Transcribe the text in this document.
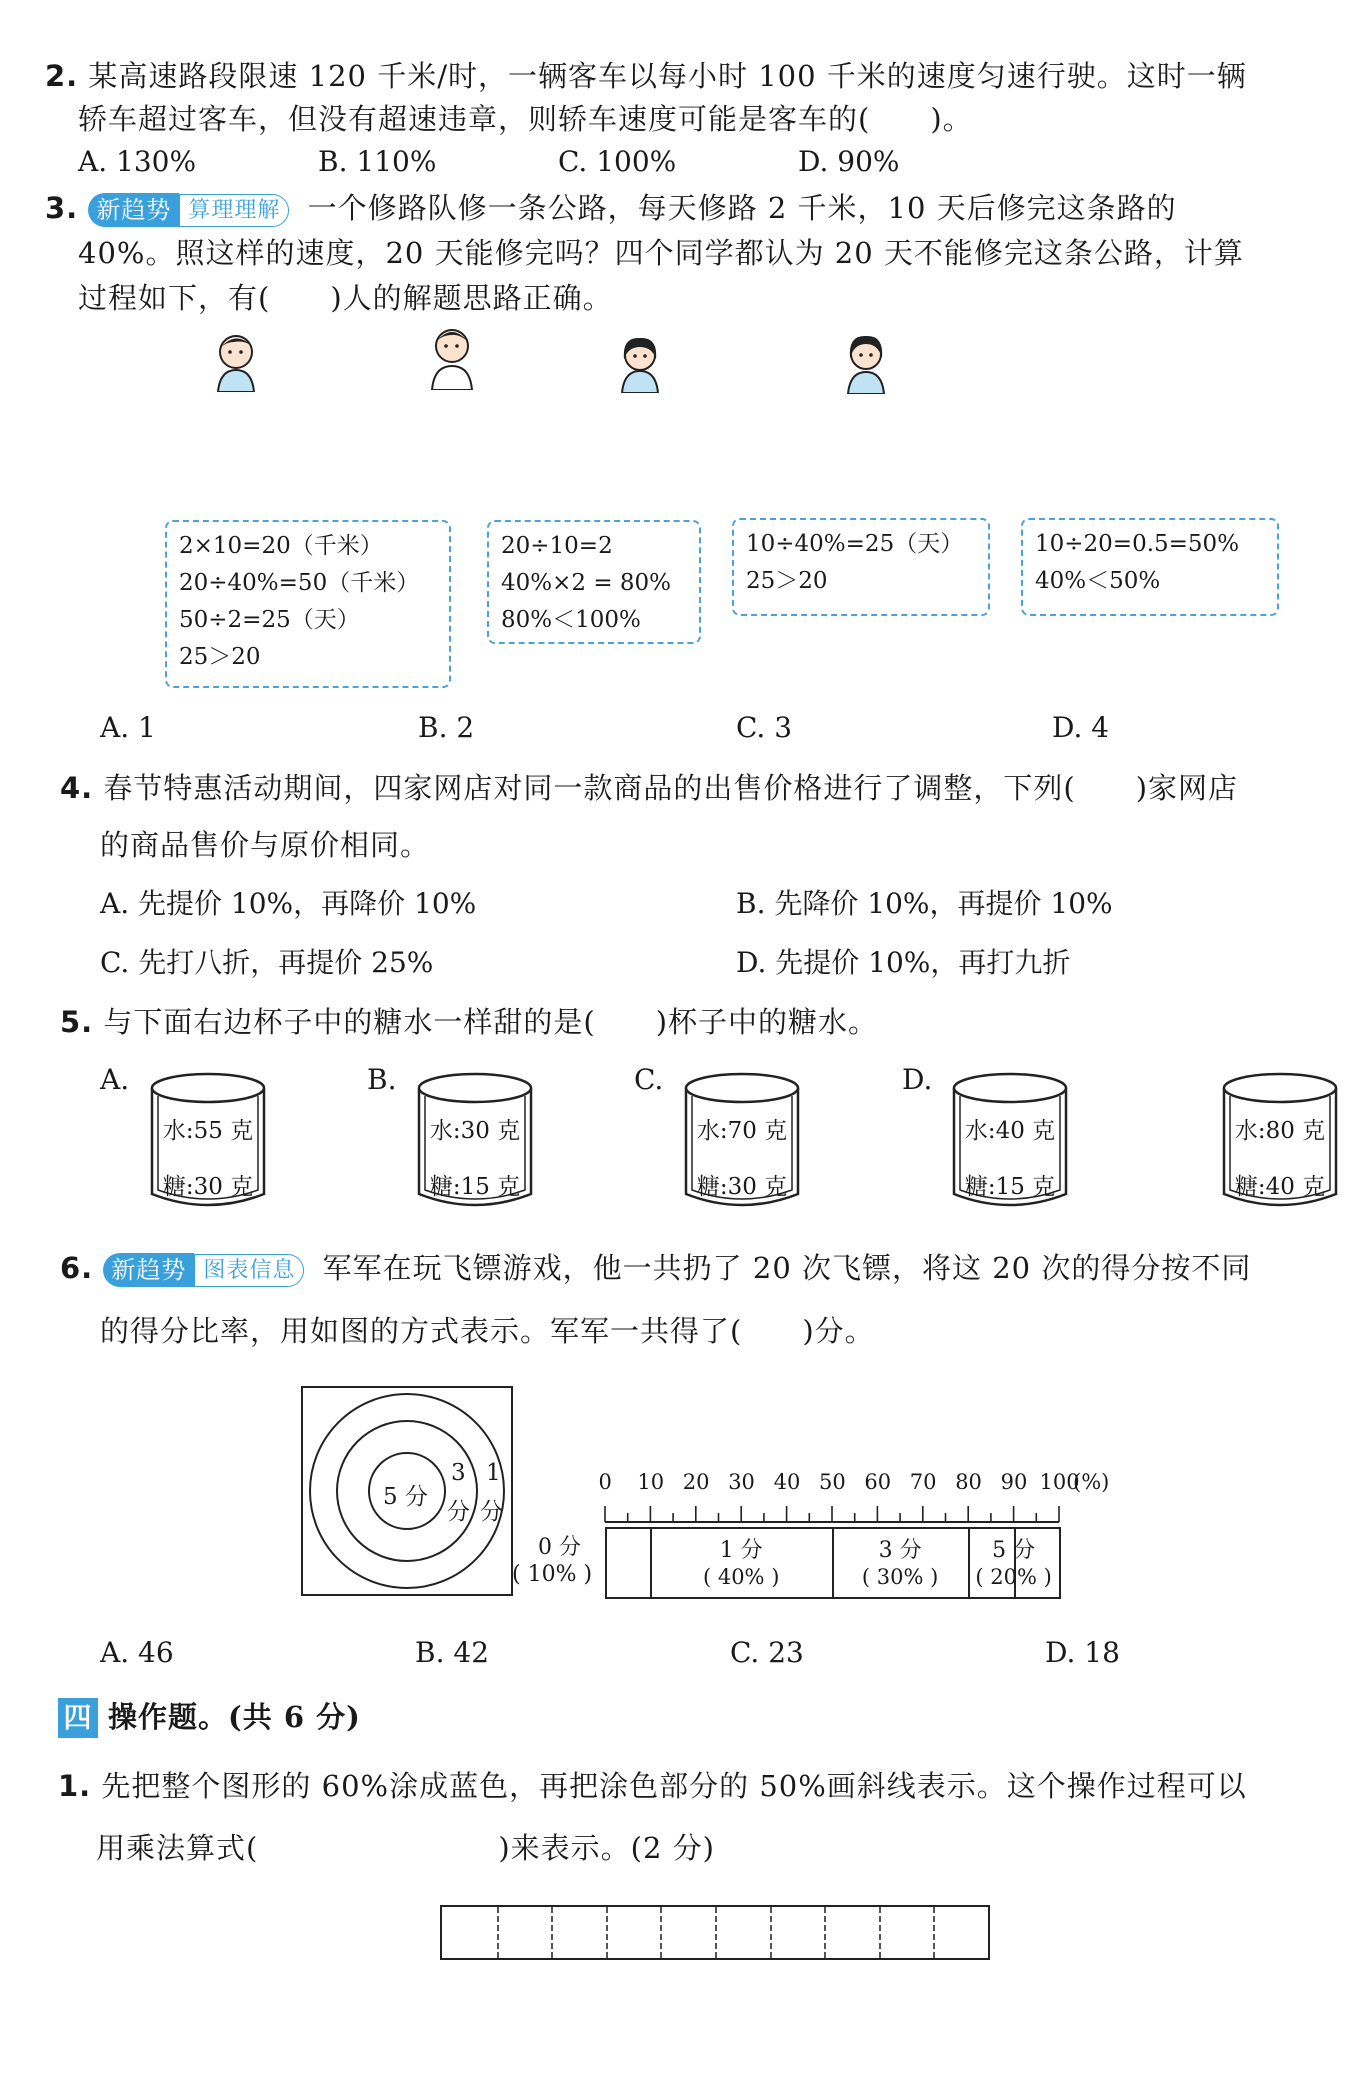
2. 某高速路段限速 120 千米/时，一辆客车以每小时 100 千米的速度匀速行驶。这时一辆
轿车超过客车，但没有超速违章，则轿车速度可能是客车的(　　)。
A. 130%	B. 110%	C. 100%	D. 90%
3. 新趋势 算理理解 一个修路队修一条公路，每天修路 2 千米，10 天后修完这条路的
40%。照这样的速度，20 天能修完吗？四个同学都认为 20 天不能修完这条公路，计算
过程如下，有(　　)人的解题思路正确。
2×10=20（千米）
20÷40%=50（千米）
50÷2=25（天）
25＞20
20÷10=2
40%×2 = 80%
80%＜100%
10÷40%=25（天）
25＞20
10÷20=0.5=50%
40%＜50%
A. 1	B. 2	C. 3	D. 4
4. 春节特惠活动期间，四家网店对同一款商品的出售价格进行了调整，下列(　　)家网店
的商品售价与原价相同。
A. 先提价 10%，再降价 10%	B. 先降价 10%，再提价 10%
C. 先打八折，再提价 25%	D. 先提价 10%，再打九折
5. 与下面右边杯子中的糖水一样甜的是(　　)杯子中的糖水。
A.
水:55 克
糖:30 克
B.
水:30 克
糖:15 克
C.
水:70 克
糖:30 克
D.
水:40 克
糖:15 克
水:80 克
糖:40 克
6. 新趋势 图表信息 军军在玩飞镖游戏，他一共扔了 20 次飞镖，将这 20 次的得分按不同
的得分比率，用如图的方式表示。军军一共得了(　　)分。
5 分
3
分
1
分
0 10 20 30 40 50 60 70 80 90 100
(%)
1 分
( 40% )
3 分
( 30% )
5 分
( 20% )
0 分
( 10% )
A. 46	B. 42	C. 23	D. 18
四 操作题。(共 6 分)
1. 先把整个图形的 60%涂成蓝色，再把涂色部分的 50%画斜线表示。这个操作过程可以
用乘法算式(　　　　　　　　)来表示。(2 分)
